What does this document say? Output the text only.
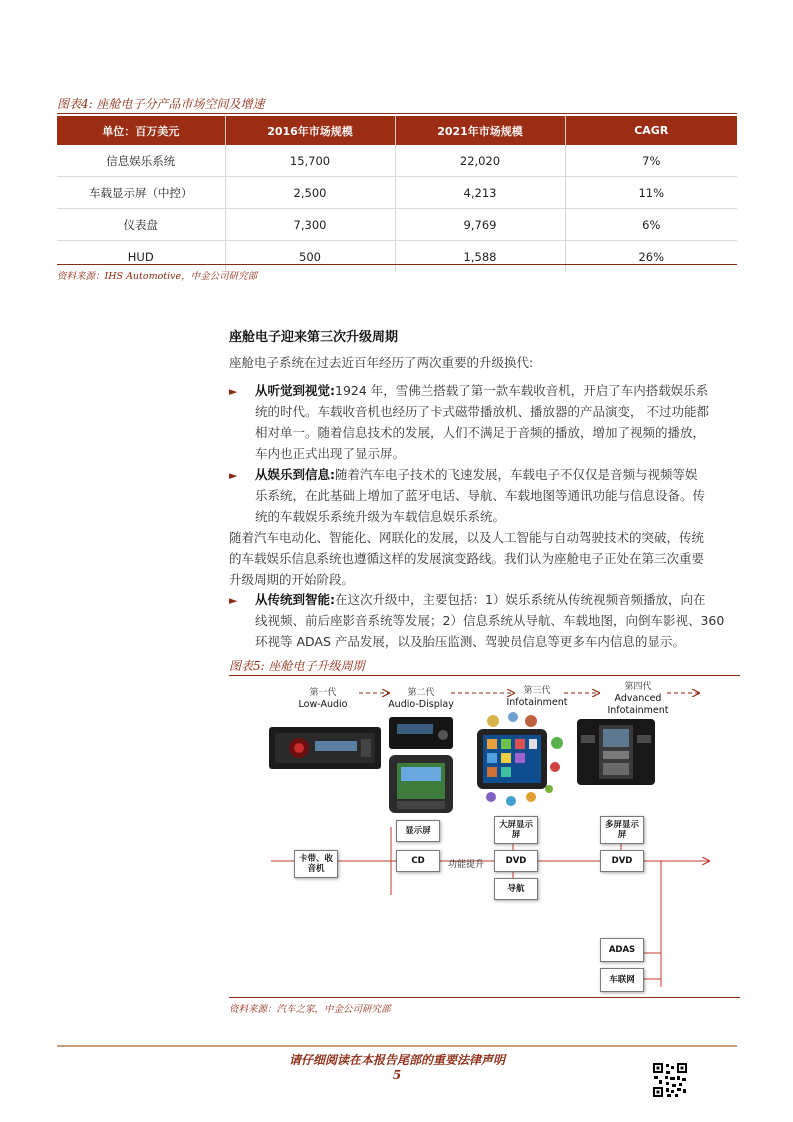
图表4: 座舱电子分产品市场空间及增速
单位：百万美元	2016年市场规模	2021年市场规模	CAGR
信息娱乐系统	15,700	22,020	7%
车载显示屏（中控）	2,500	4,213	11%
仪表盘	7,300	9,769	6%
HUD	500	1,588	26%
资料来源：IHS Automotive，中金公司研究部
座舱电子迎来第三次升级周期
座舱电子系统在过去近百年经历了两次重要的升级换代:
► 从听觉到视觉:1924 年，雪佛兰搭载了第一款车载收音机，开启了车内搭载娱乐系
统的时代。车载收音机也经历了卡式磁带播放机、播放器的产品演变， 不过功能都
相对单一。随着信息技术的发展，人们不满足于音频的播放，增加了视频的播放，
车内也正式出现了显示屏。
► 从娱乐到信息:随着汽车电子技术的飞速发展，车载电子不仅仅是音频与视频等娱
乐系统，在此基础上增加了蓝牙电话、导航、车载地图等通讯功能与信息设备。传
统的车载娱乐系统升级为车载信息娱乐系统。
随着汽车电动化、智能化、网联化的发展，以及人工智能与自动驾驶技术的突破，传统
的车载娱乐信息系统也遵循这样的发展演变路线。我们认为座舱电子正处在第三次重要
升级周期的开始阶段。
► 从传统到智能:在这次升级中，主要包括：1）娱乐系统从传统视频音频播放，向在
线视频、前后座影音系统等发展；2）信息系统从导航、车载地图，向倒车影视、360
环视等 ADAS 产品发展，以及胎压监测、驾驶员信息等更多车内信息的显示。
图表5: 座舱电子升级周期
第一代
Low-Audio
第二代
Audio-Display
第三代
Infotainment
第四代
Advanced Infotainment
卡带、收音机
显示屏
CD
大屏显示屏
DVD
导航
多屏显示屏
DVD
ADAS
车联网
功能提升
资料来源：汽车之家，中金公司研究部
请仔细阅读在本报告尾部的重要法律声明
5
